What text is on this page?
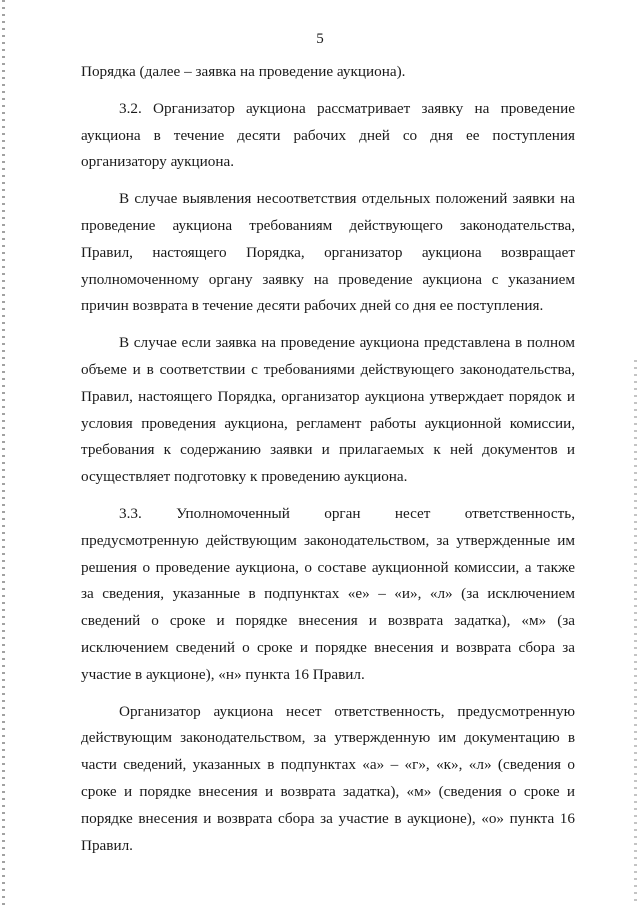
5
Порядка (далее – заявка на проведение аукциона).
3.2. Организатор аукциона рассматривает заявку на проведение
аукциона в течение десяти рабочих дней со дня ее поступления
организатору аукциона.
В случае выявления несоответствия отдельных положений заявки на
проведение аукциона требованиям действующего законодательства,
Правил, настоящего Порядка, организатор аукциона возвращает
уполномоченному органу заявку на проведение аукциона с указанием
причин возврата в течение десяти рабочих дней со дня ее поступления.
В случае если заявка на проведение аукциона представлена в полном
объеме и в соответствии с требованиями действующего законодательства,
Правил, настоящего Порядка, организатор аукциона утверждает порядок и
условия проведения аукциона, регламент работы аукционной комиссии,
требования к содержанию заявки и прилагаемых к ней документов и
осуществляет подготовку к проведению аукциона.
3.3. Уполномоченный орган несет ответственность,
предусмотренную действующим законодательством, за утвержденные им
решения о проведение аукциона, о составе аукционной комиссии, а также
за сведения, указанные в подпунктах «е» – «и», «л» (за исключением
сведений о сроке и порядке внесения и возврата задатка), «м» (за
исключением сведений о сроке и порядке внесения и возврата сбора за
участие в аукционе), «н» пункта 16 Правил.
Организатор аукциона несет ответственность, предусмотренную
действующим законодательством, за утвержденную им документацию в
части сведений, указанных в подпунктах «а» – «г», «к», «л» (сведения о
сроке и порядке внесения и возврата задатка), «м» (сведения о сроке и
порядке внесения и возврата сбора за участие в аукционе), «о» пункта 16
Правил.
